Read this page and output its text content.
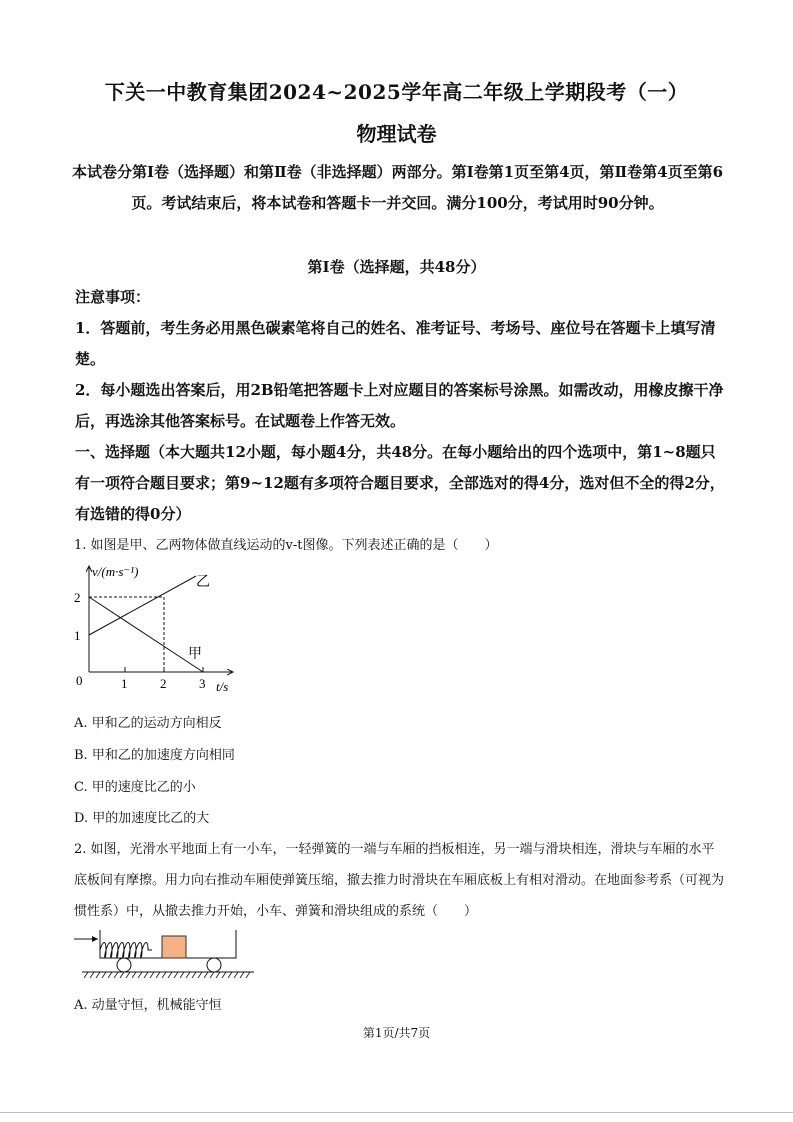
下关一中教育集团2024~2025学年高二年级上学期段考（一）
物理试卷
本试卷分第Ⅰ卷（选择题）和第Ⅱ卷（非选择题）两部分。第Ⅰ卷第1页至第4页，第Ⅱ卷第4页至第6页。考试结束后，将本试卷和答题卡一并交回。满分100分，考试用时90分钟。
第Ⅰ卷（选择题，共48分）
注意事项：
1．答题前，考生务必用黑色碳素笔将自己的姓名、准考证号、考场号、座位号在答题卡上填写清楚。
2．每小题选出答案后，用2B铅笔把答题卡上对应题目的答案标号涂黑。如需改动，用橡皮擦干净后，再选涂其他答案标号。在试题卷上作答无效。
一、选择题（本大题共12小题，每小题4分，共48分。在每小题给出的四个选项中，第1~8题只有一项符合题目要求；第9~12题有多项符合题目要求，全部选对的得4分，选对但不全的得2分，有选错的得0分）
1. 如图是甲、乙两物体做直线运动的v-t图像。下列表述正确的是（　　）
v/(m·s⁻¹)
2
1
0	1	2	3 t/s
乙
甲
A. 甲和乙的运动方向相反
B. 甲和乙的加速度方向相同
C. 甲的速度比乙的小
D. 甲的加速度比乙的大
2. 如图，光滑水平地面上有一小车，一轻弹簧的一端与车厢的挡板相连，另一端与滑块相连，滑块与车厢的水平底板间有摩擦。用力向右推动车厢使弹簧压缩，撤去推力时滑块在车厢底板上有相对滑动。在地面参考系（可视为惯性系）中，从撤去推力开始，小车、弹簧和滑块组成的系统（　　）
A. 动量守恒，机械能守恒
第1页/共7页
